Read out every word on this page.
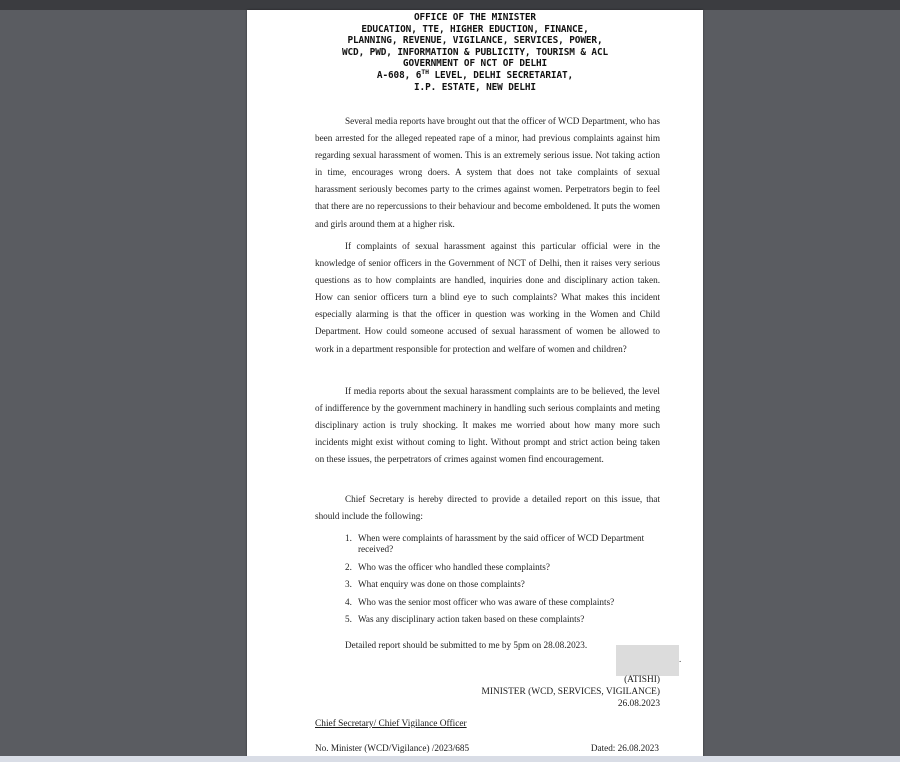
OFFICE OF THE MINISTER
EDUCATION, TTE, HIGHER EDUCTION, FINANCE,
PLANNING, REVENUE, VIGILANCE, SERVICES, POWER,
WCD, PWD, INFORMATION & PUBLICITY, TOURISM & ACL
GOVERNMENT OF NCT OF DELHI
A-608, 6TH LEVEL, DELHI SECRETARIAT,
I.P. ESTATE, NEW DELHI

Several media reports have brought out that the officer of WCD Department, who has been arrested for the alleged repeated rape of a minor, had previous complaints against him regarding sexual harassment of women. This is an extremely serious issue. Not taking action in time, encourages wrong doers. A system that does not take complaints of sexual harassment seriously becomes party to the crimes against women. Perpetrators begin to feel that there are no repercussions to their behaviour and become emboldened. It puts the women and girls around them at a higher risk.

If complaints of sexual harassment against this particular official were in the knowledge of senior officers in the Government of NCT of Delhi, then it raises very serious questions as to how complaints are handled, inquiries done and disciplinary action taken. How can senior officers turn a blind eye to such complaints? What makes this incident especially alarming is that the officer in question was working in the Women and Child Department. How could someone accused of sexual harassment of women be allowed to work in a department responsible for protection and welfare of women and children?

If media reports about the sexual harassment complaints are to be believed, the level of indifference by the government machinery in handling such serious complaints and meting disciplinary action is truly shocking. It makes me worried about how many more such incidents might exist without coming to light. Without prompt and strict action being taken on these issues, the perpetrators of crimes against women find encouragement.

Chief Secretary is hereby directed to provide a detailed report on this issue, that should include the following:

1. When were complaints of harassment by the said officer of WCD Department received?
2. Who was the officer who handled these complaints?
3. What enquiry was done on those complaints?
4. Who was the senior most officer who was aware of these complaints?
5. Was any disciplinary action taken based on these complaints?
Detailed report should be submitted to me by 5pm on 28.08.2023.
.
(ATISHI)
MINISTER (WCD, SERVICES, VIGILANCE)
26.08.2023
Chief Secretary/ Chief Vigilance Officer
No. Minister (WCD/Vigilance) /2023/685	Dated: 26.08.2023
